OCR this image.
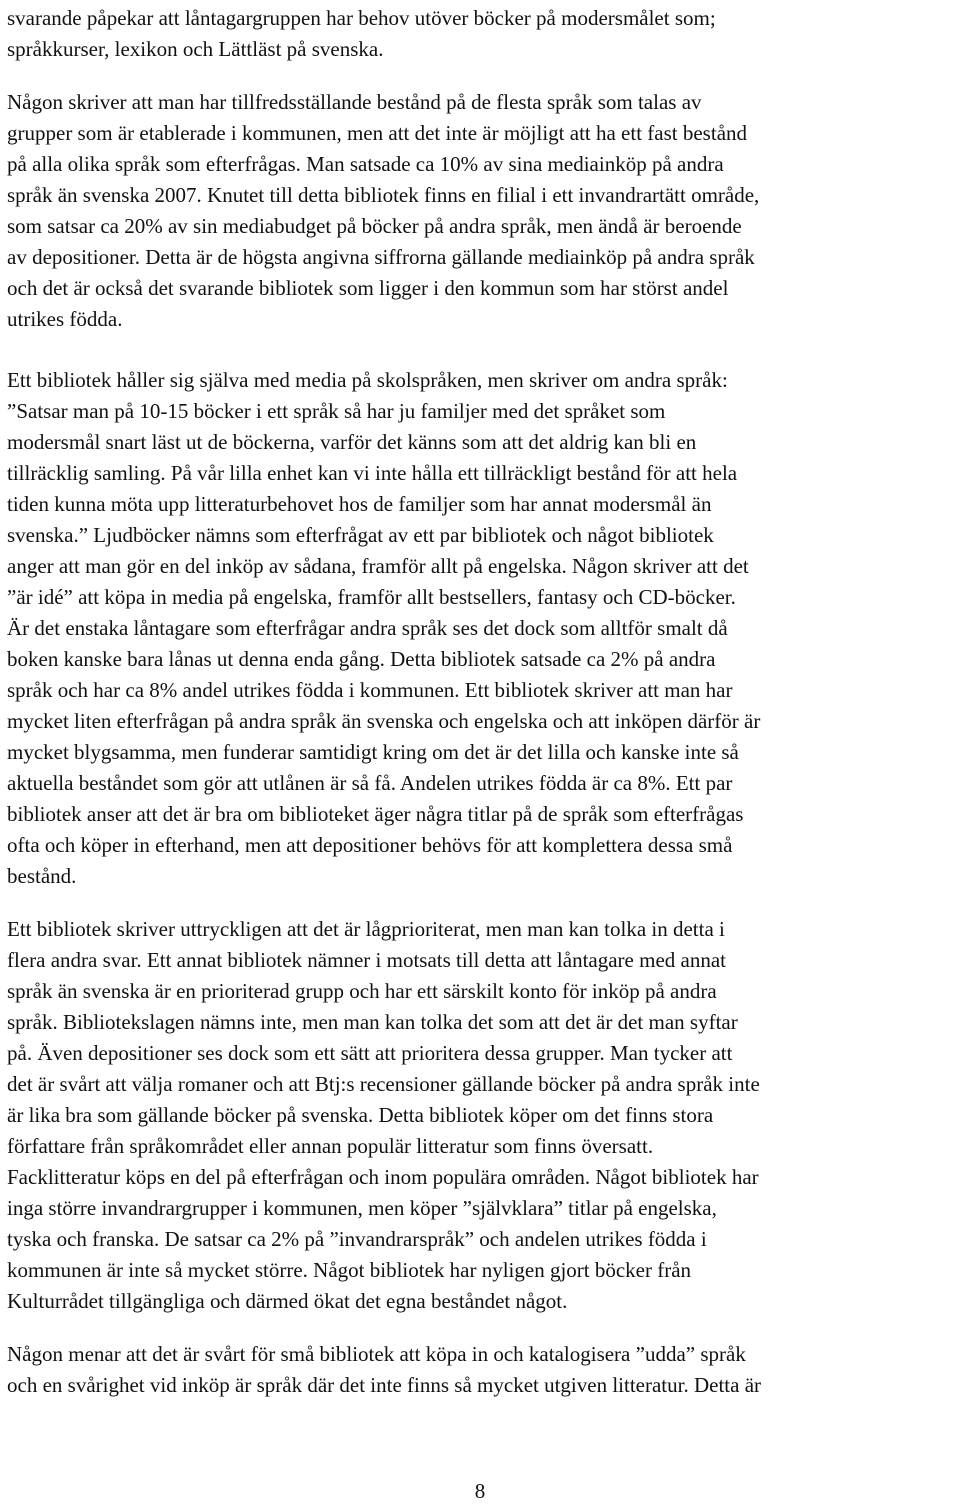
svarande påpekar att låntagargruppen har behov utöver böcker på modersmålet som;
språkkurser, lexikon och Lättläst på svenska.

Någon skriver att man har tillfredsställande bestånd på de flesta språk som talas av
grupper som är etablerade i kommunen, men att det inte är möjligt att ha ett fast bestånd
på alla olika språk som efterfrågas. Man satsade ca 10% av sina mediainköp på andra
språk än svenska 2007. Knutet till detta bibliotek finns en filial i ett invandrartätt område,
som satsar ca 20% av sin mediabudget på böcker på andra språk, men ändå är beroende
av depositioner. Detta är de högsta angivna siffrorna gällande mediainköp på andra språk
och det är också det svarande bibliotek som ligger i den kommun som har störst andel
utrikes födda.

Ett bibliotek håller sig själva med media på skolspråken, men skriver om andra språk:
”Satsar man på 10-15 böcker i ett språk så har ju familjer med det språket som
modersmål snart läst ut de böckerna, varför det känns som att det aldrig kan bli en
tillräcklig samling. På vår lilla enhet kan vi inte hålla ett tillräckligt bestånd för att hela
tiden kunna möta upp litteraturbehovet hos de familjer som har annat modersmål än
svenska.” Ljudböcker nämns som efterfrågat av ett par bibliotek och något bibliotek
anger att man gör en del inköp av sådana, framför allt på engelska. Någon skriver att det
”är idé” att köpa in media på engelska, framför allt bestsellers, fantasy och CD-böcker.
Är det enstaka låntagare som efterfrågar andra språk ses det dock som alltför smalt då
boken kanske bara lånas ut denna enda gång. Detta bibliotek satsade ca 2% på andra
språk och har ca 8% andel utrikes födda i kommunen. Ett bibliotek skriver att man har
mycket liten efterfrågan på andra språk än svenska och engelska och att inköpen därför är
mycket blygsamma, men funderar samtidigt kring om det är det lilla och kanske inte så
aktuella beståndet som gör att utlånen är så få. Andelen utrikes födda är ca 8%. Ett par
bibliotek anser att det är bra om biblioteket äger några titlar på de språk som efterfrågas
ofta och köper in efterhand, men att depositioner behövs för att komplettera dessa små
bestånd.

Ett bibliotek skriver uttryckligen att det är lågprioriterat, men man kan tolka in detta i
flera andra svar. Ett annat bibliotek nämner i motsats till detta att låntagare med annat
språk än svenska är en prioriterad grupp och har ett särskilt konto för inköp på andra
språk. Bibliotekslagen nämns inte, men man kan tolka det som att det är det man syftar
på. Även depositioner ses dock som ett sätt att prioritera dessa grupper. Man tycker att
det är svårt att välja romaner och att Btj:s recensioner gällande böcker på andra språk inte
är lika bra som gällande böcker på svenska. Detta bibliotek köper om det finns stora
författare från språkområdet eller annan populär litteratur som finns översatt.
Facklitteratur köps en del på efterfrågan och inom populära områden. Något bibliotek har
inga större invandrargrupper i kommunen, men köper ”självklara” titlar på engelska,
tyska och franska. De satsar ca 2% på ”invandrarspråk” och andelen utrikes födda i
kommunen är inte så mycket större. Något bibliotek har nyligen gjort böcker från
Kulturrådet tillgängliga och därmed ökat det egna beståndet något.

Någon menar att det är svårt för små bibliotek att köpa in och katalogisera ”udda” språk
och en svårighet vid inköp är språk där det inte finns så mycket utgiven litteratur. Detta är

8
